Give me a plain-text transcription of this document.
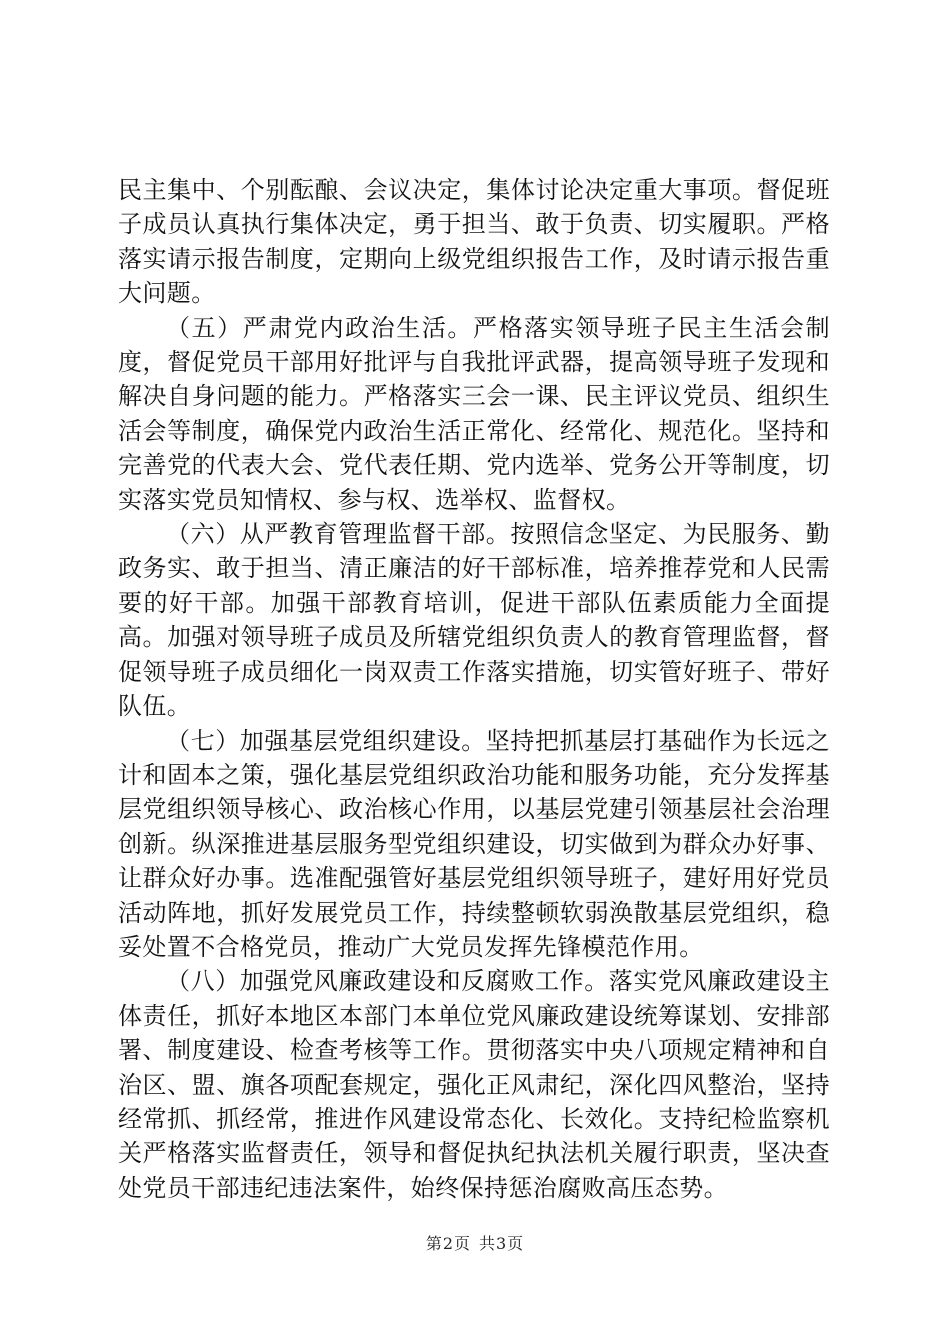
民主集中、个别酝酿、会议决定，集体讨论决定重大事项。督促班子成员认真执行集体决定，勇于担当、敢于负责、切实履职。严格落实请示报告制度，定期向上级党组织报告工作，及时请示报告重大问题。

（五）严肃党内政治生活。严格落实领导班子民主生活会制度，督促党员干部用好批评与自我批评武器，提高领导班子发现和解决自身问题的能力。严格落实三会一课、民主评议党员、组织生活会等制度，确保党内政治生活正常化、经常化、规范化。坚持和完善党的代表大会、党代表任期、党内选举、党务公开等制度，切实落实党员知情权、参与权、选举权、监督权。

（六）从严教育管理监督干部。按照信念坚定、为民服务、勤政务实、敢于担当、清正廉洁的好干部标准，培养推荐党和人民需要的好干部。加强干部教育培训，促进干部队伍素质能力全面提高。加强对领导班子成员及所辖党组织负责人的教育管理监督，督促领导班子成员细化一岗双责工作落实措施，切实管好班子、带好队伍。

（七）加强基层党组织建设。坚持把抓基层打基础作为长远之计和固本之策，强化基层党组织政治功能和服务功能，充分发挥基层党组织领导核心、政治核心作用，以基层党建引领基层社会治理创新。纵深推进基层服务型党组织建设，切实做到为群众办好事、让群众好办事。选准配强管好基层党组织领导班子，建好用好党员活动阵地，抓好发展党员工作，持续整顿软弱涣散基层党组织，稳妥处置不合格党员，推动广大党员发挥先锋模范作用。

（八）加强党风廉政建设和反腐败工作。落实党风廉政建设主体责任，抓好本地区本部门本单位党风廉政建设统筹谋划、安排部署、制度建设、检查考核等工作。贯彻落实中央八项规定精神和自治区、盟、旗各项配套规定，强化正风肃纪，深化四风整治，坚持经常抓、抓经常，推进作风建设常态化、长效化。支持纪检监察机关严格落实监督责任，领导和督促执纪执法机关履行职责，坚决查处党员干部违纪违法案件，始终保持惩治腐败高压态势。

第2页 共3页
